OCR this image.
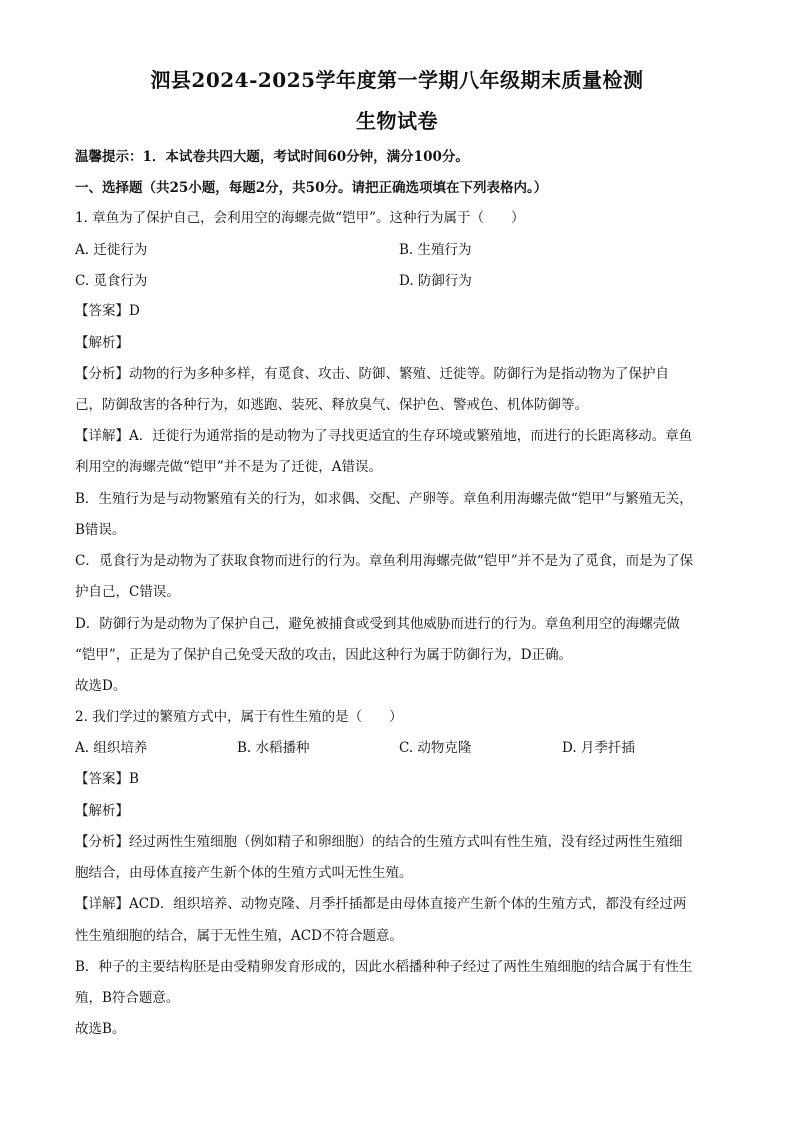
泗县2024-2025学年度第一学期八年级期末质量检测
生物试卷
温馨提示：1．本试卷共四大题，考试时间60分钟，满分100分。
一、选择题（共25小题，每题2分，共50分。请把正确选项填在下列表格内。）
1. 章鱼为了保护自己，会利用空的海螺壳做“铠甲”。这种行为属于（　　）
A. 迁徙行为	B. 生殖行为
C. 觅食行为	D. 防御行为
【答案】D
【解析】
【分析】动物的行为多种多样，有觅食、攻击、防御、繁殖、迁徙等。防御行为是指动物为了保护自
己，防御敌害的各种行为，如逃跑、装死、释放臭气、保护色、警戒色、机体防御等。
【详解】A．迁徙行为通常指的是动物为了寻找更适宜的生存环境或繁殖地，而进行的长距离移动。章鱼
利用空的海螺壳做“铠甲”并不是为了迁徙，A错误。
B．生殖行为是与动物繁殖有关的行为，如求偶、交配、产卵等。章鱼利用海螺壳做“铠甲”与繁殖无关，
B错误。
C．觅食行为是动物为了获取食物而进行的行为。章鱼利用海螺壳做“铠甲”并不是为了觅食，而是为了保
护自己，C错误。
D．防御行为是动物为了保护自己，避免被捕食或受到其他威胁而进行的行为。章鱼利用空的海螺壳做
“铠甲”，正是为了保护自己免受天敌的攻击，因此这种行为属于防御行为，D正确。
故选D。
2. 我们学过的繁殖方式中，属于有性生殖的是（　　）
A. 组织培养	B. 水稻播种	C. 动物克隆	D. 月季扦插
【答案】B
【解析】
【分析】经过两性生殖细胞（例如精子和卵细胞）的结合的生殖方式叫有性生殖，没有经过两性生殖细
胞结合，由母体直接产生新个体的生殖方式叫无性生殖。
【详解】ACD．组织培养、动物克隆、月季扦插都是由母体直接产生新个体的生殖方式，都没有经过两
性生殖细胞的结合，属于无性生殖，ACD不符合题意。
B．种子的主要结构胚是由受精卵发育形成的，因此水稻播种种子经过了两性生殖细胞的结合属于有性生
殖，B符合题意。
故选B。
